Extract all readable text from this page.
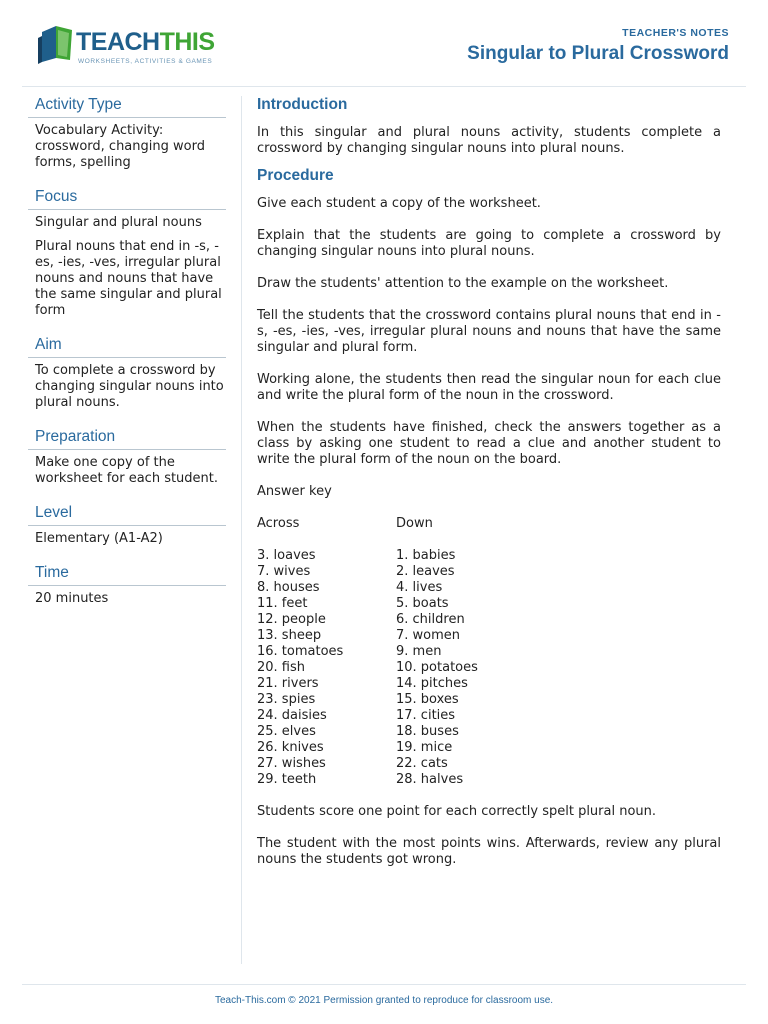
TEACHTHIS
WORKSHEETS, ACTIVITIES & GAMES
TEACHER'S NOTES
Singular to Plural Crossword
Activity Type

Vocabulary Activity: crossword, changing word forms, spelling

Focus

Singular and plural nouns

Plural nouns that end in -s, -es, -ies, -ves, irregular plural nouns and nouns that have the same singular and plural form

Aim

To complete a crossword by changing singular nouns into plural nouns.

Preparation

Make one copy of the worksheet for each student.

Level

Elementary (A1-A2)

Time

20 minutes

Introduction

In this singular and plural nouns activity, students complete a crossword by changing singular nouns into plural nouns.

Procedure

Give each student a copy of the worksheet.

Explain that the students are going to complete a crossword by changing singular nouns into plural nouns.

Draw the students' attention to the example on the worksheet.

Tell the students that the crossword contains plural nouns that end in -s, -es, -ies, -ves, irregular plural nouns and nouns that have the same singular and plural form.

Working alone, the students then read the singular noun for each clue and write the plural form of the noun in the crossword.

When the students have finished, check the answers together as a class by asking one student to read a clue and another student to write the plural form of the noun on the board.

Answer key

Across
3. loaves
7. wives
8. houses
11. feet
12. people
13. sheep
16. tomatoes
20. fish
21. rivers
23. spies
24. daisies
25. elves
26. knives
27. wishes
29. teeth
Down
1. babies
2. leaves
4. lives
5. boats
6. children
7. women
9. men
10. potatoes
14. pitches
15. boxes
17. cities
18. buses
19. mice
22. cats
28. halves

Students score one point for each correctly spelt plural noun.

The student with the most points wins. Afterwards, review any plural nouns the students got wrong.

Teach-This.com © 2021 Permission granted to reproduce for classroom use.
